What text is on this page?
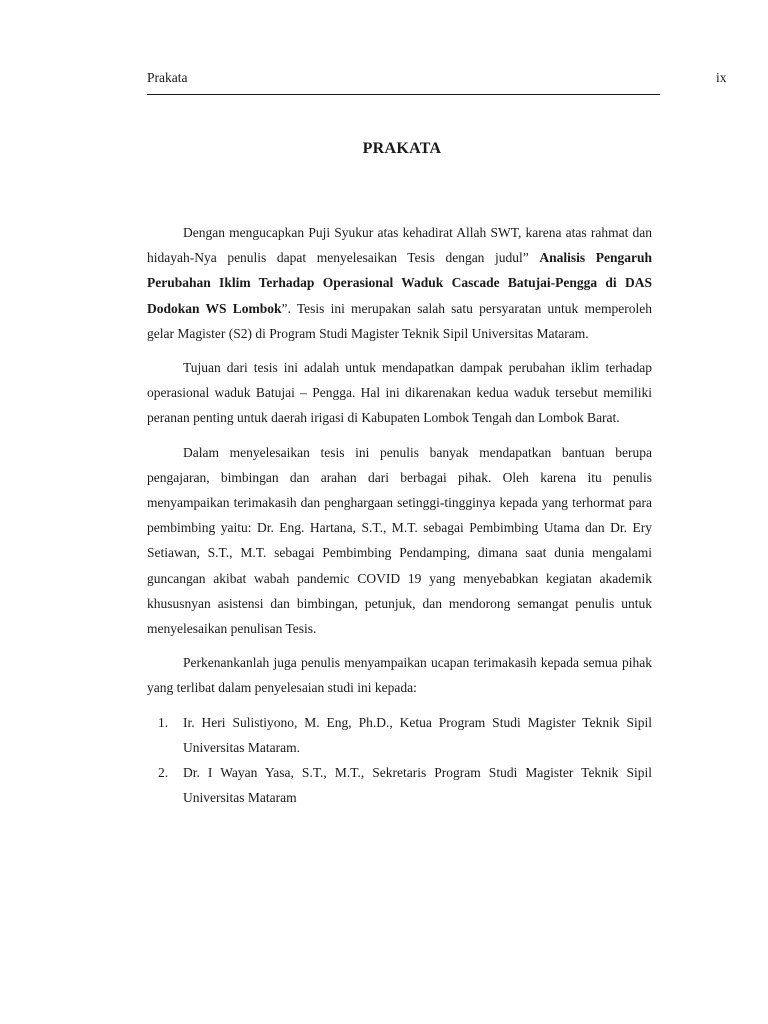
Prakata	ix
PRAKATA

Dengan mengucapkan Puji Syukur atas kehadirat Allah SWT, karena atas rahmat dan hidayah-Nya penulis dapat menyelesaikan Tesis dengan judul” Analisis Pengaruh Perubahan Iklim Terhadap Operasional Waduk Cascade Batujai-Pengga di DAS Dodokan WS Lombok”. Tesis ini merupakan salah satu persyaratan untuk memperoleh gelar Magister (S2) di Program Studi Magister Teknik Sipil Universitas Mataram.

Tujuan dari tesis ini adalah untuk mendapatkan dampak perubahan iklim terhadap operasional waduk Batujai – Pengga. Hal ini dikarenakan kedua waduk tersebut memiliki peranan penting untuk daerah irigasi di Kabupaten Lombok Tengah dan Lombok Barat.

Dalam menyelesaikan tesis ini penulis banyak mendapatkan bantuan berupa pengajaran, bimbingan dan arahan dari berbagai pihak. Oleh karena itu penulis menyampaikan terimakasih dan penghargaan setinggi-tingginya kepada yang terhormat para pembimbing yaitu: Dr. Eng. Hartana, S.T., M.T. sebagai Pembimbing Utama dan Dr. Ery Setiawan, S.T., M.T. sebagai Pembimbing Pendamping, dimana saat dunia mengalami guncangan akibat wabah pandemic COVID 19 yang menyebabkan kegiatan akademik khususnyan asistensi dan bimbingan, petunjuk, dan mendorong semangat penulis untuk menyelesaikan penulisan Tesis.

Perkenankanlah juga penulis menyampaikan ucapan terimakasih kepada semua pihak yang terlibat dalam penyelesaian studi ini kepada:

1. Ir. Heri Sulistiyono, M. Eng, Ph.D., Ketua Program Studi Magister Teknik Sipil Universitas Mataram.
2. Dr. I Wayan Yasa, S.T., M.T., Sekretaris Program Studi Magister Teknik Sipil Universitas Mataram
